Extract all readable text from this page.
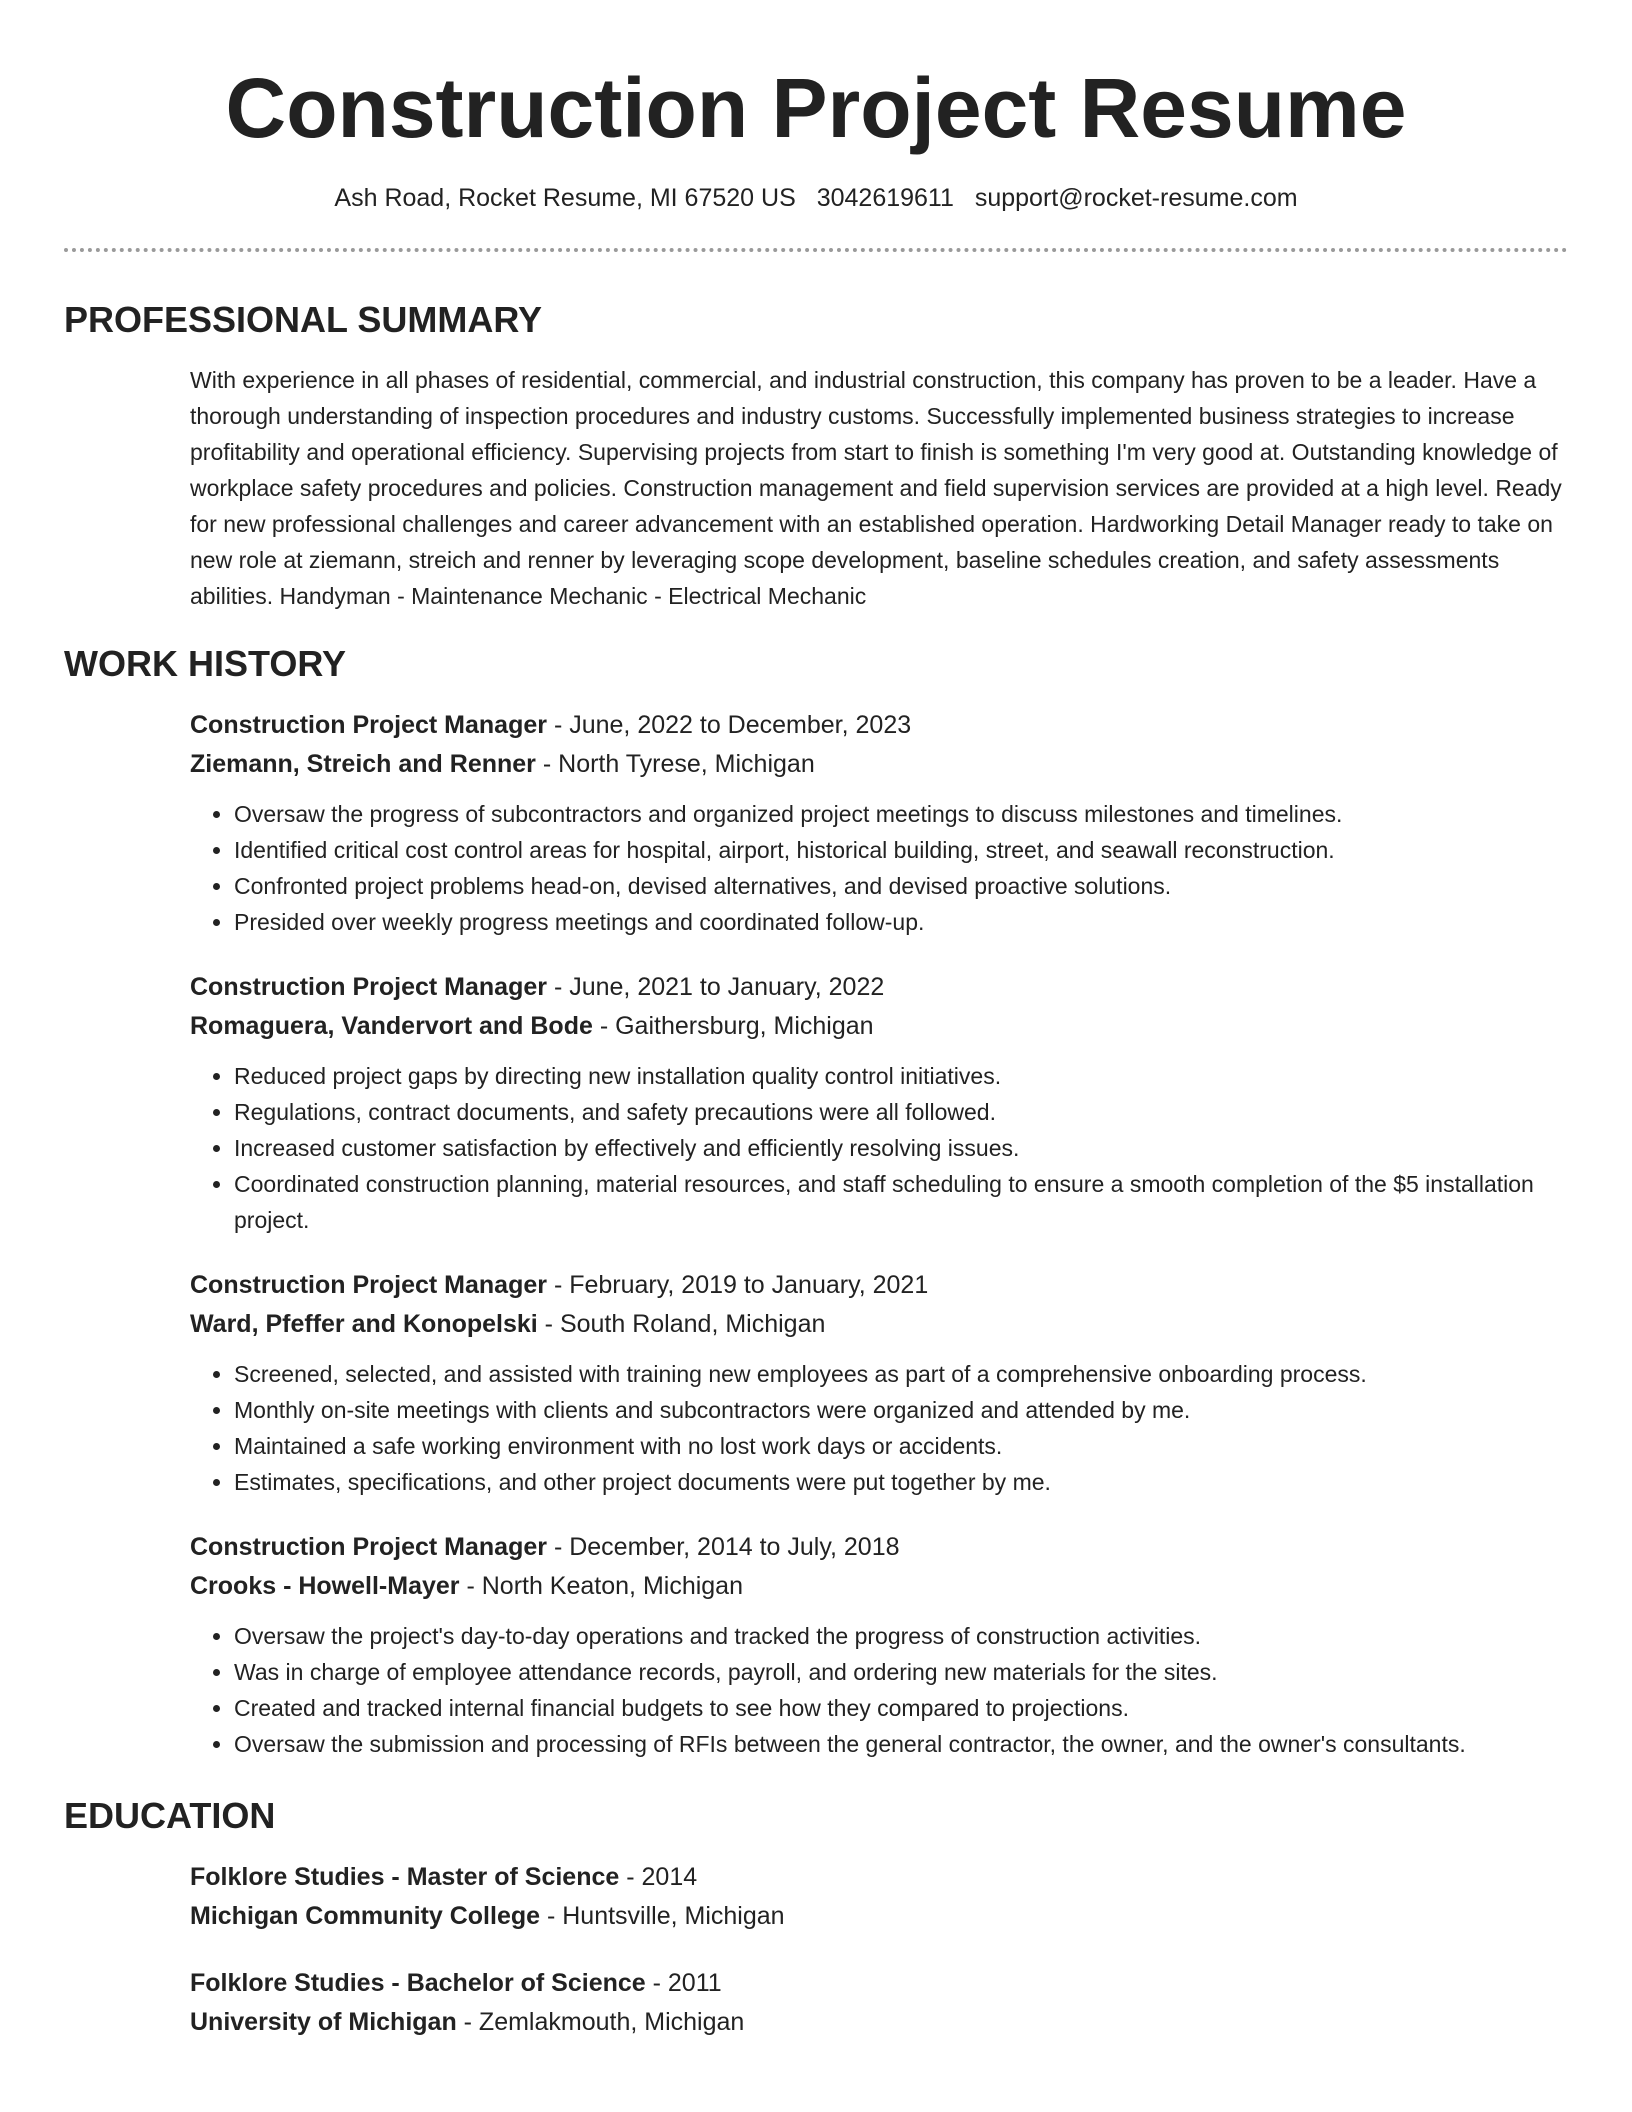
Construction Project Resume
Ash Road, Rocket Resume, MI 67520 US 3042619611 support@rocket-resume.com
PROFESSIONAL SUMMARY

With experience in all phases of residential, commercial, and industrial construction, this company has proven to be a leader. Have a thorough understanding of inspection procedures and industry customs. Successfully implemented business strategies to increase profitability and operational efficiency. Supervising projects from start to finish is something I'm very good at. Outstanding knowledge of workplace safety procedures and policies. Construction management and field supervision services are provided at a high level. Ready for new professional challenges and career advancement with an established operation. Hardworking Detail Manager ready to take on new role at ziemann, streich and renner by leveraging scope development, baseline schedules creation, and safety assessments abilities. Handyman - Maintenance Mechanic - Electrical Mechanic

WORK HISTORY
Construction Project Manager - June, 2022 to December, 2023
Ziemann, Streich and Renner - North Tyrese, Michigan
• Oversaw the progress of subcontractors and organized project meetings to discuss milestones and timelines.
• Identified critical cost control areas for hospital, airport, historical building, street, and seawall reconstruction.
• Confronted project problems head-on, devised alternatives, and devised proactive solutions.
• Presided over weekly progress meetings and coordinated follow-up.
Construction Project Manager - June, 2021 to January, 2022
Romaguera, Vandervort and Bode - Gaithersburg, Michigan
• Reduced project gaps by directing new installation quality control initiatives.
• Regulations, contract documents, and safety precautions were all followed.
• Increased customer satisfaction by effectively and efficiently resolving issues.
• Coordinated construction planning, material resources, and staff scheduling to ensure a smooth completion of the $5 installation project.
Construction Project Manager - February, 2019 to January, 2021
Ward, Pfeffer and Konopelski - South Roland, Michigan
• Screened, selected, and assisted with training new employees as part of a comprehensive onboarding process.
• Monthly on-site meetings with clients and subcontractors were organized and attended by me.
• Maintained a safe working environment with no lost work days or accidents.
• Estimates, specifications, and other project documents were put together by me.
Construction Project Manager - December, 2014 to July, 2018
Crooks - Howell-Mayer - North Keaton, Michigan
• Oversaw the project's day-to-day operations and tracked the progress of construction activities.
• Was in charge of employee attendance records, payroll, and ordering new materials for the sites.
• Created and tracked internal financial budgets to see how they compared to projections.
• Oversaw the submission and processing of RFIs between the general contractor, the owner, and the owner's consultants.
EDUCATION
Folklore Studies - Master of Science - 2014
Michigan Community College - Huntsville, Michigan
Folklore Studies - Bachelor of Science - 2011
University of Michigan - Zemlakmouth, Michigan
